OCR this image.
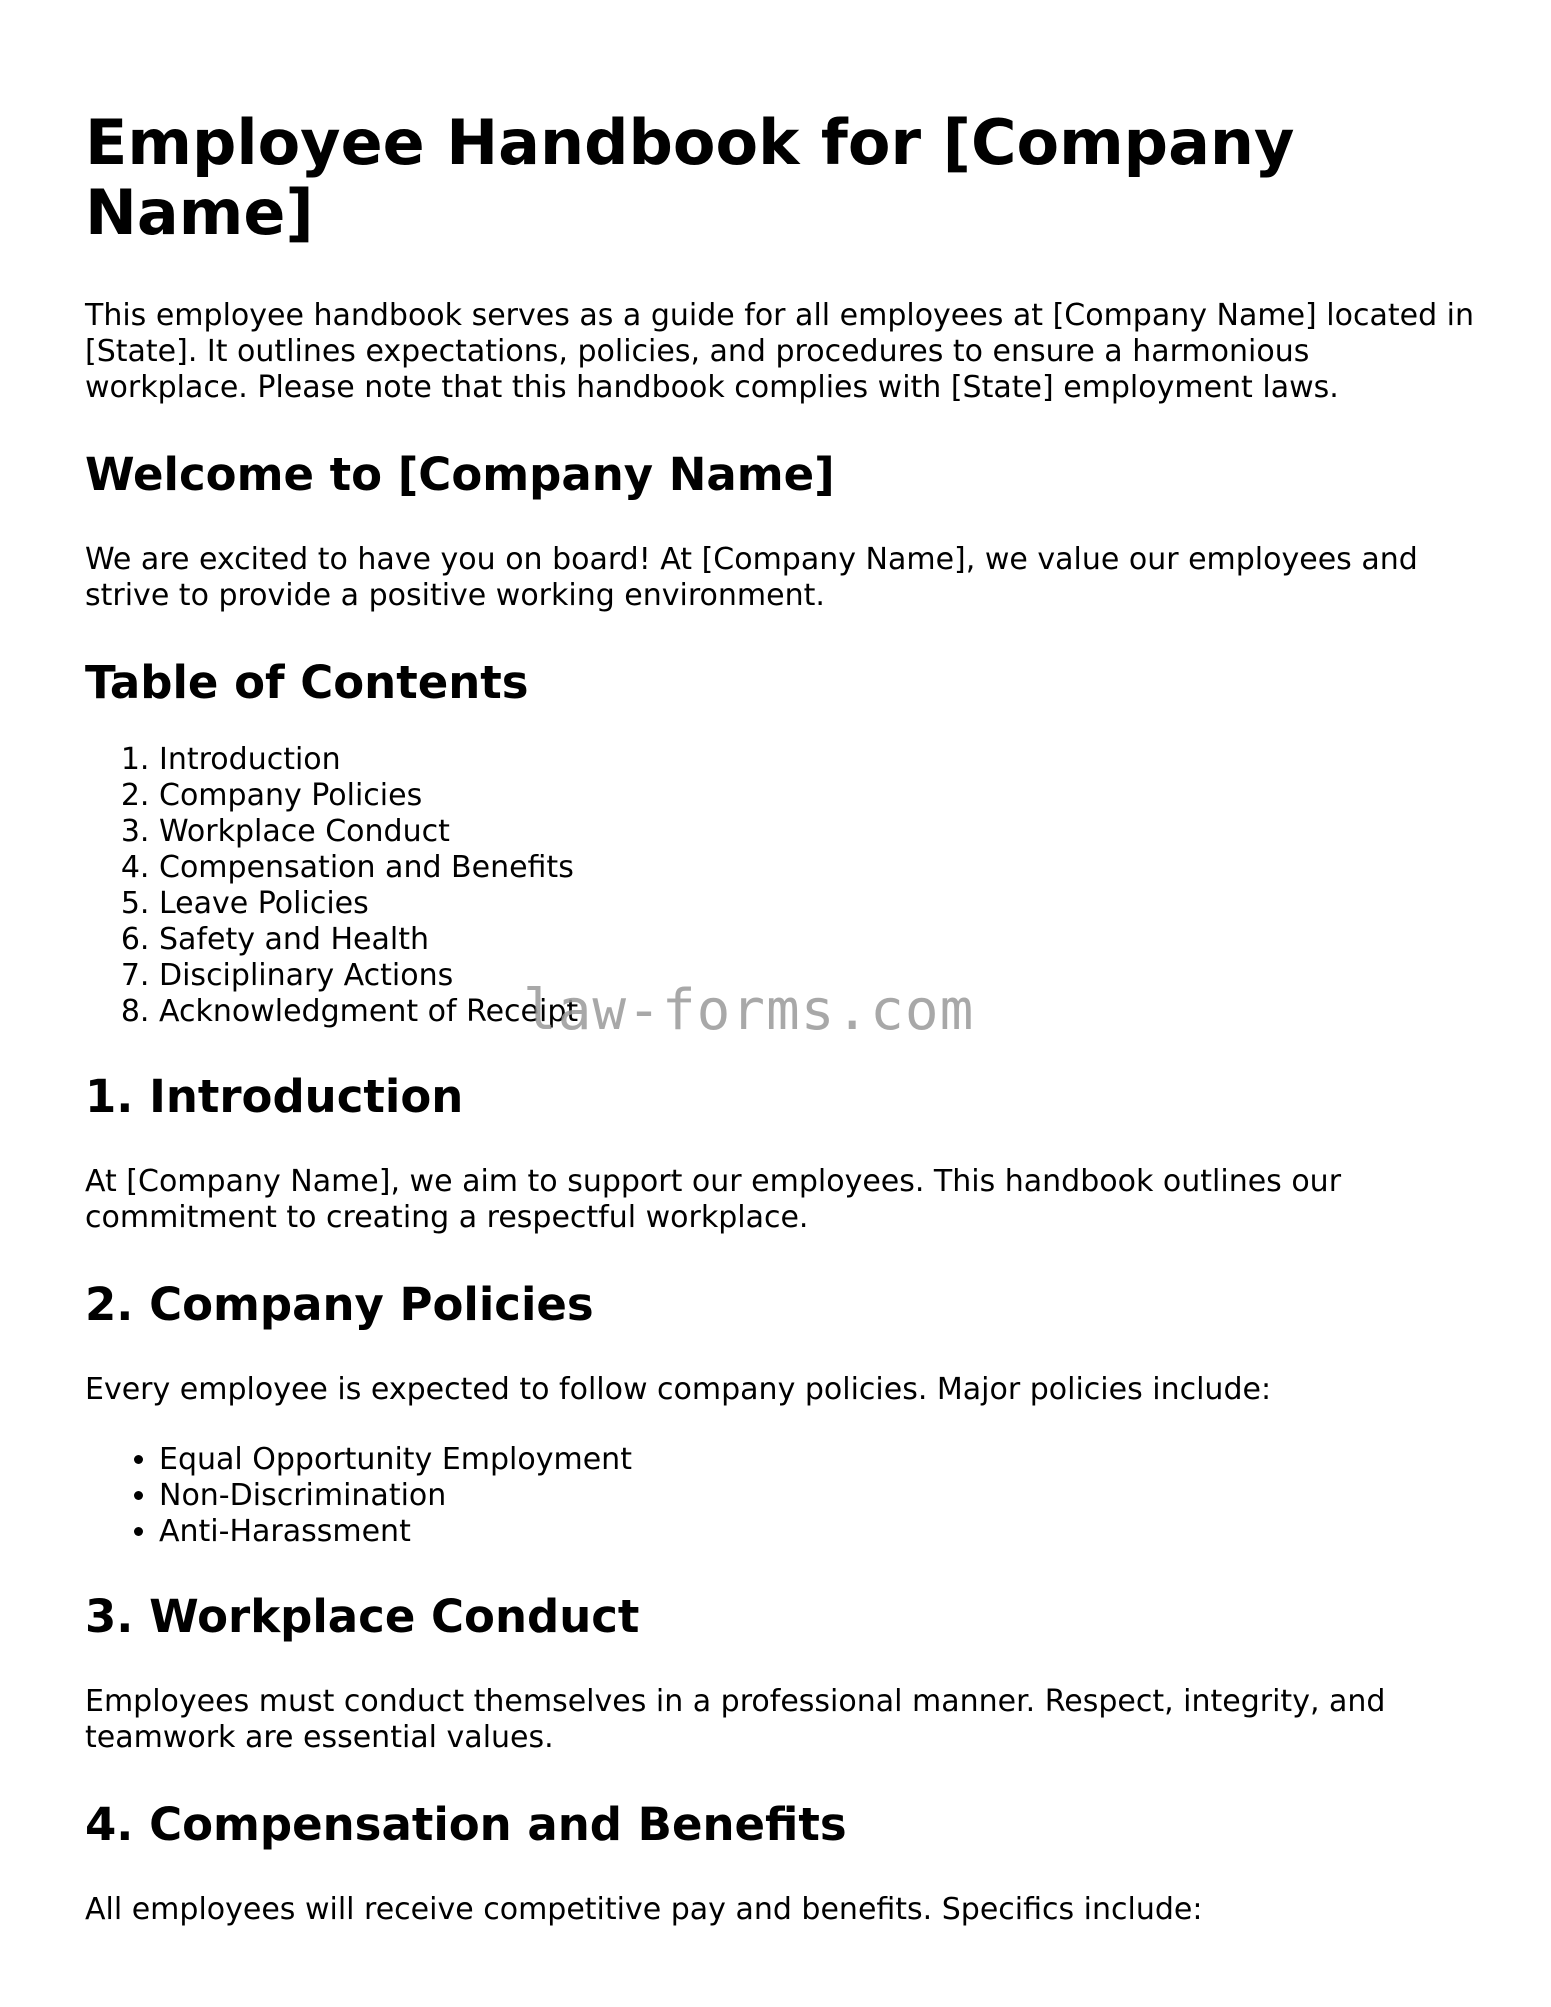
Employee Handbook for [Company Name]

This employee handbook serves as a guide for all employees at [Company Name] located in [State]. It outlines expectations, policies, and procedures to ensure a harmonious workplace. Please note that this handbook complies with [State] employment laws.

Welcome to [Company Name]

We are excited to have you on board! At [Company Name], we value our employees and strive to provide a positive working environment.

Table of Contents
1. Introduction
2. Company Policies
3. Workplace Conduct
4. Compensation and Benefits
5. Leave Policies
6. Safety and Health
7. Disciplinary Actions
8. Acknowledgment of Receipt
1. Introduction

At [Company Name], we aim to support our employees. This handbook outlines our commitment to creating a respectful workplace.

2. Company Policies

Every employee is expected to follow company policies. Major policies include:

• Equal Opportunity Employment
• Non-Discrimination
• Anti-Harassment
3. Workplace Conduct

Employees must conduct themselves in a professional manner. Respect, integrity, and teamwork are essential values.

4. Compensation and Benefits

All employees will receive competitive pay and benefits. Specifics include:

law-forms.com
